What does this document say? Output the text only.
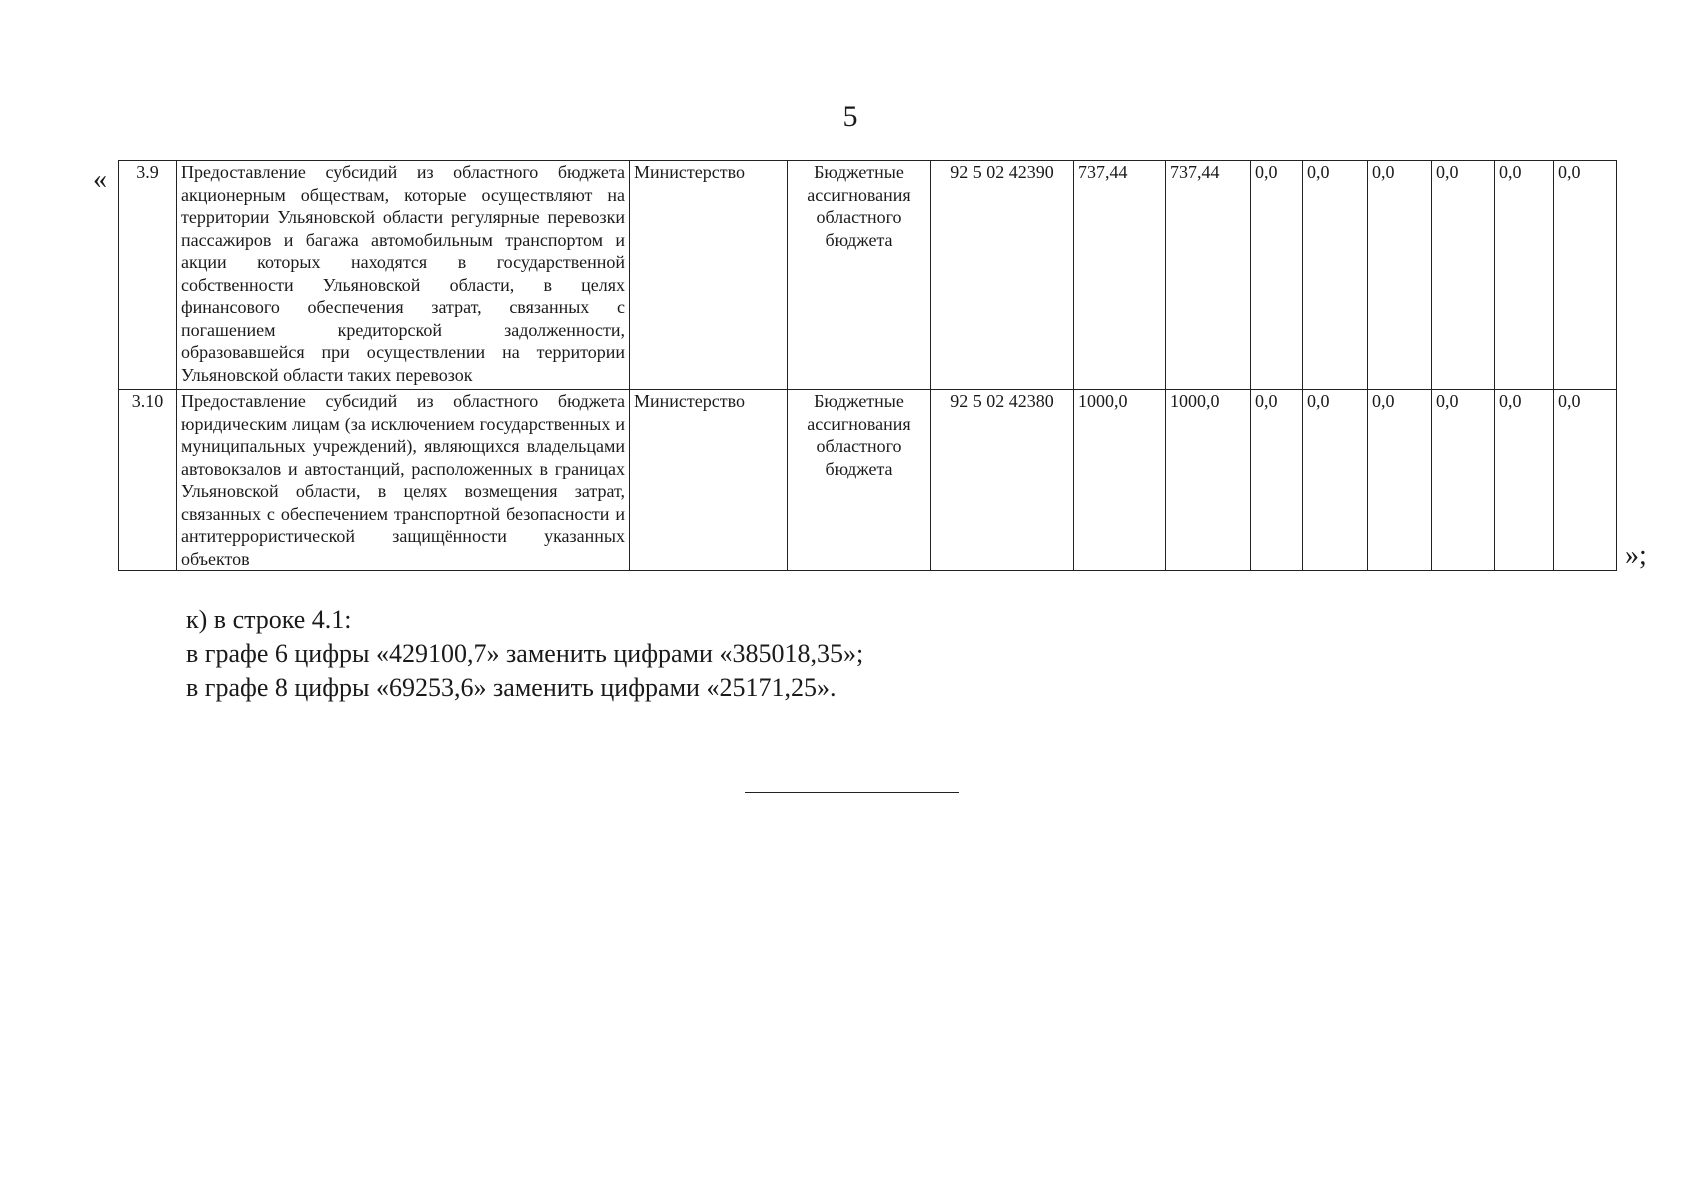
5
« 3.9	Предоставление субсидий из областного бюджета акционерным обществам, которые осуществляют на территории Ульяновской области регулярные перевозки пассажиров и багажа автомобильным транспортом и акции которых находятся в государственной собственности Ульяновской области, в целях финансового обеспечения затрат, связанных с погашением кредиторской задолженности, образовавшейся при осуществлении на территории Ульяновской области таких перевозок	Министерство	Бюджетные ассигнования областного бюджета	92 5 02 42390	737,44	737,44	0,0	0,0	0,0	0,0	0,0	0,0
3.10	Предоставление субсидий из областного бюджета юридическим лицам (за исключением государственных и муниципальных учреждений), являющихся владельцами автовокзалов и автостанций, расположенных в границах Ульяновской области, в целях возмещения затрат, связанных с обеспечением транспортной безопасности и антитеррористической защищённости указанных объектов	Министерство	Бюджетные ассигнования областного бюджета	92 5 02 42380	1000,0	1000,0	0,0	0,0	0,0	0,0	0,0	0,0
»;
к) в строке 4.1:
в графе 6 цифры «429100,7» заменить цифрами «385018,35»;
в графе 8 цифры «69253,6» заменить цифрами «25171,25».
